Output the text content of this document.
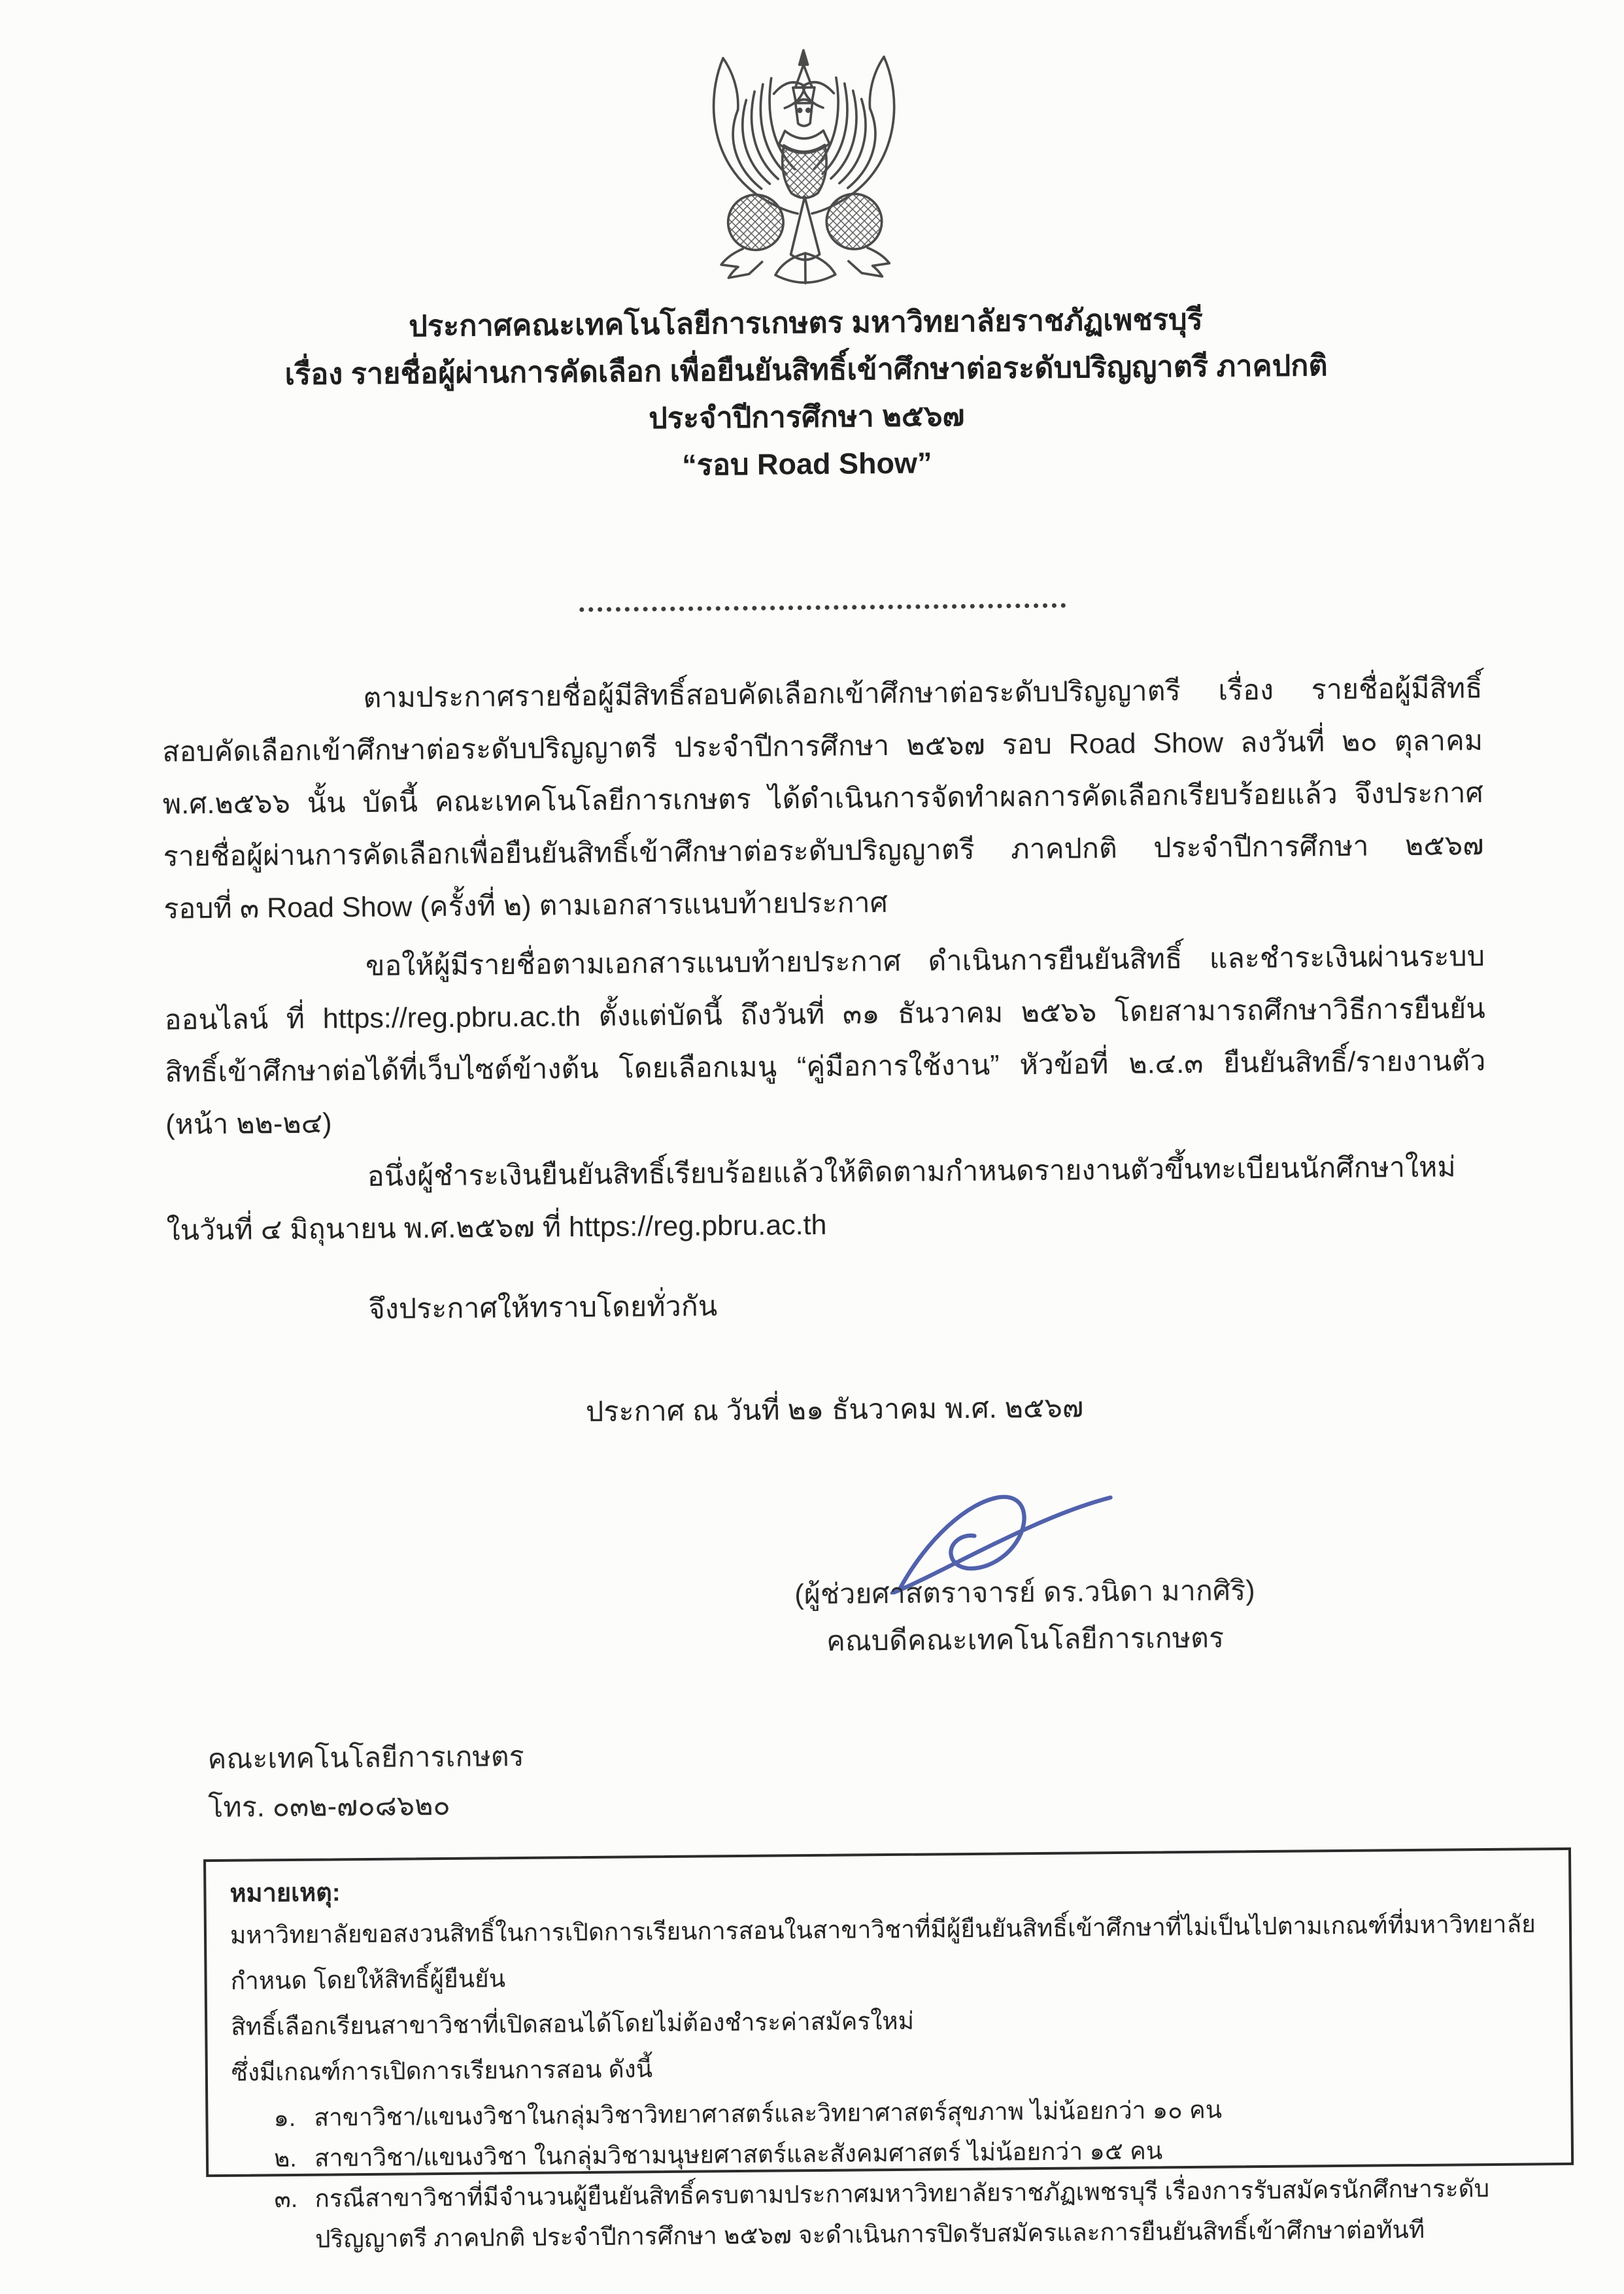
ประกาศคณะเทคโนโลยีการเกษตร มหาวิทยาลัยราชภัฏเพชรบุรี
เรื่อง รายชื่อผู้ผ่านการคัดเลือก เพื่อยืนยันสิทธิ์เข้าศึกษาต่อระดับปริญญาตรี ภาคปกติ
ประจำปีการศึกษา ๒๕๖๗
“รอบ Road Show”
ตามประกาศรายชื่อผู้มีสิทธิ์สอบคัดเลือกเข้าศึกษาต่อระดับปริญญาตรี เรื่อง รายชื่อผู้มีสิทธิ์
สอบคัดเลือกเข้าศึกษาต่อระดับปริญญาตรี ประจำปีการศึกษา ๒๕๖๗ รอบ Road Show ลงวันที่ ๒๐ ตุลาคม
พ.ศ.๒๕๖๖ นั้น บัดนี้ คณะเทคโนโลยีการเกษตร ได้ดำเนินการจัดทำผลการคัดเลือกเรียบร้อยแล้ว จึงประกาศ
รายชื่อผู้ผ่านการคัดเลือกเพื่อยืนยันสิทธิ์เข้าศึกษาต่อระดับปริญญาตรี ภาคปกติ ประจำปีการศึกษา ๒๕๖๗
รอบที่ ๓ Road Show (ครั้งที่ ๒) ตามเอกสารแนบท้ายประกาศ
ขอให้ผู้มีรายชื่อตามเอกสารแนบท้ายประกาศ ดำเนินการยืนยันสิทธิ์ และชำระเงินผ่านระบบ
ออนไลน์ ที่ https://reg.pbru.ac.th ตั้งแต่บัดนี้ ถึงวันที่ ๓๑ ธันวาคม ๒๕๖๖ โดยสามารถศึกษาวิธีการยืนยัน
สิทธิ์เข้าศึกษาต่อได้ที่เว็บไซต์ข้างต้น โดยเลือกเมนู “คู่มือการใช้งาน” หัวข้อที่ ๒.๔.๓ ยืนยันสิทธิ์/รายงานตัว
(หน้า ๒๒-๒๔)
อนึ่งผู้ชำระเงินยืนยันสิทธิ์เรียบร้อยแล้วให้ติดตามกำหนดรายงานตัวขึ้นทะเบียนนักศึกษาใหม่
ในวันที่ ๔ มิถุนายน พ.ศ.๒๕๖๗ ที่ https://reg.pbru.ac.th
จึงประกาศให้ทราบโดยทั่วกัน
ประกาศ ณ วันที่ ๒๑ ธันวาคม พ.ศ. ๒๕๖๗
(ผู้ช่วยศาสตราจารย์ ดร.วนิดา มากศิริ)
คณบดีคณะเทคโนโลยีการเกษตร
คณะเทคโนโลยีการเกษตร
โทร. ๐๓๒-๗๐๘๖๒๐
หมายเหตุ:
มหาวิทยาลัยขอสงวนสิทธิ์ในการเปิดการเรียนการสอนในสาขาวิชาที่มีผู้ยืนยันสิทธิ์เข้าศึกษาที่ไม่เป็นไปตามเกณฑ์ที่มหาวิทยาลัยกำหนด โดยให้สิทธิ์ผู้ยืนยัน
สิทธิ์เลือกเรียนสาขาวิชาที่เปิดสอนได้โดยไม่ต้องชำระค่าสมัครใหม่
ซึ่งมีเกณฑ์การเปิดการเรียนการสอน ดังนี้
๑. สาขาวิชา/แขนงวิชาในกลุ่มวิชาวิทยาศาสตร์และวิทยาศาสตร์สุขภาพ ไม่น้อยกว่า ๑๐ คน
๒. สาขาวิชา/แขนงวิชา ในกลุ่มวิชามนุษยศาสตร์และสังคมศาสตร์ ไม่น้อยกว่า ๑๕ คน
๓. กรณีสาขาวิชาที่มีจำนวนผู้ยืนยันสิทธิ์ครบตามประกาศมหาวิทยาลัยราชภัฏเพชรบุรี เรื่องการรับสมัครนักศึกษาระดับปริญญาตรี ภาคปกติ ประจำปีการศึกษา ๒๕๖๗ จะดำเนินการปิดรับสมัครและการยืนยันสิทธิ์เข้าศึกษาต่อทันที
